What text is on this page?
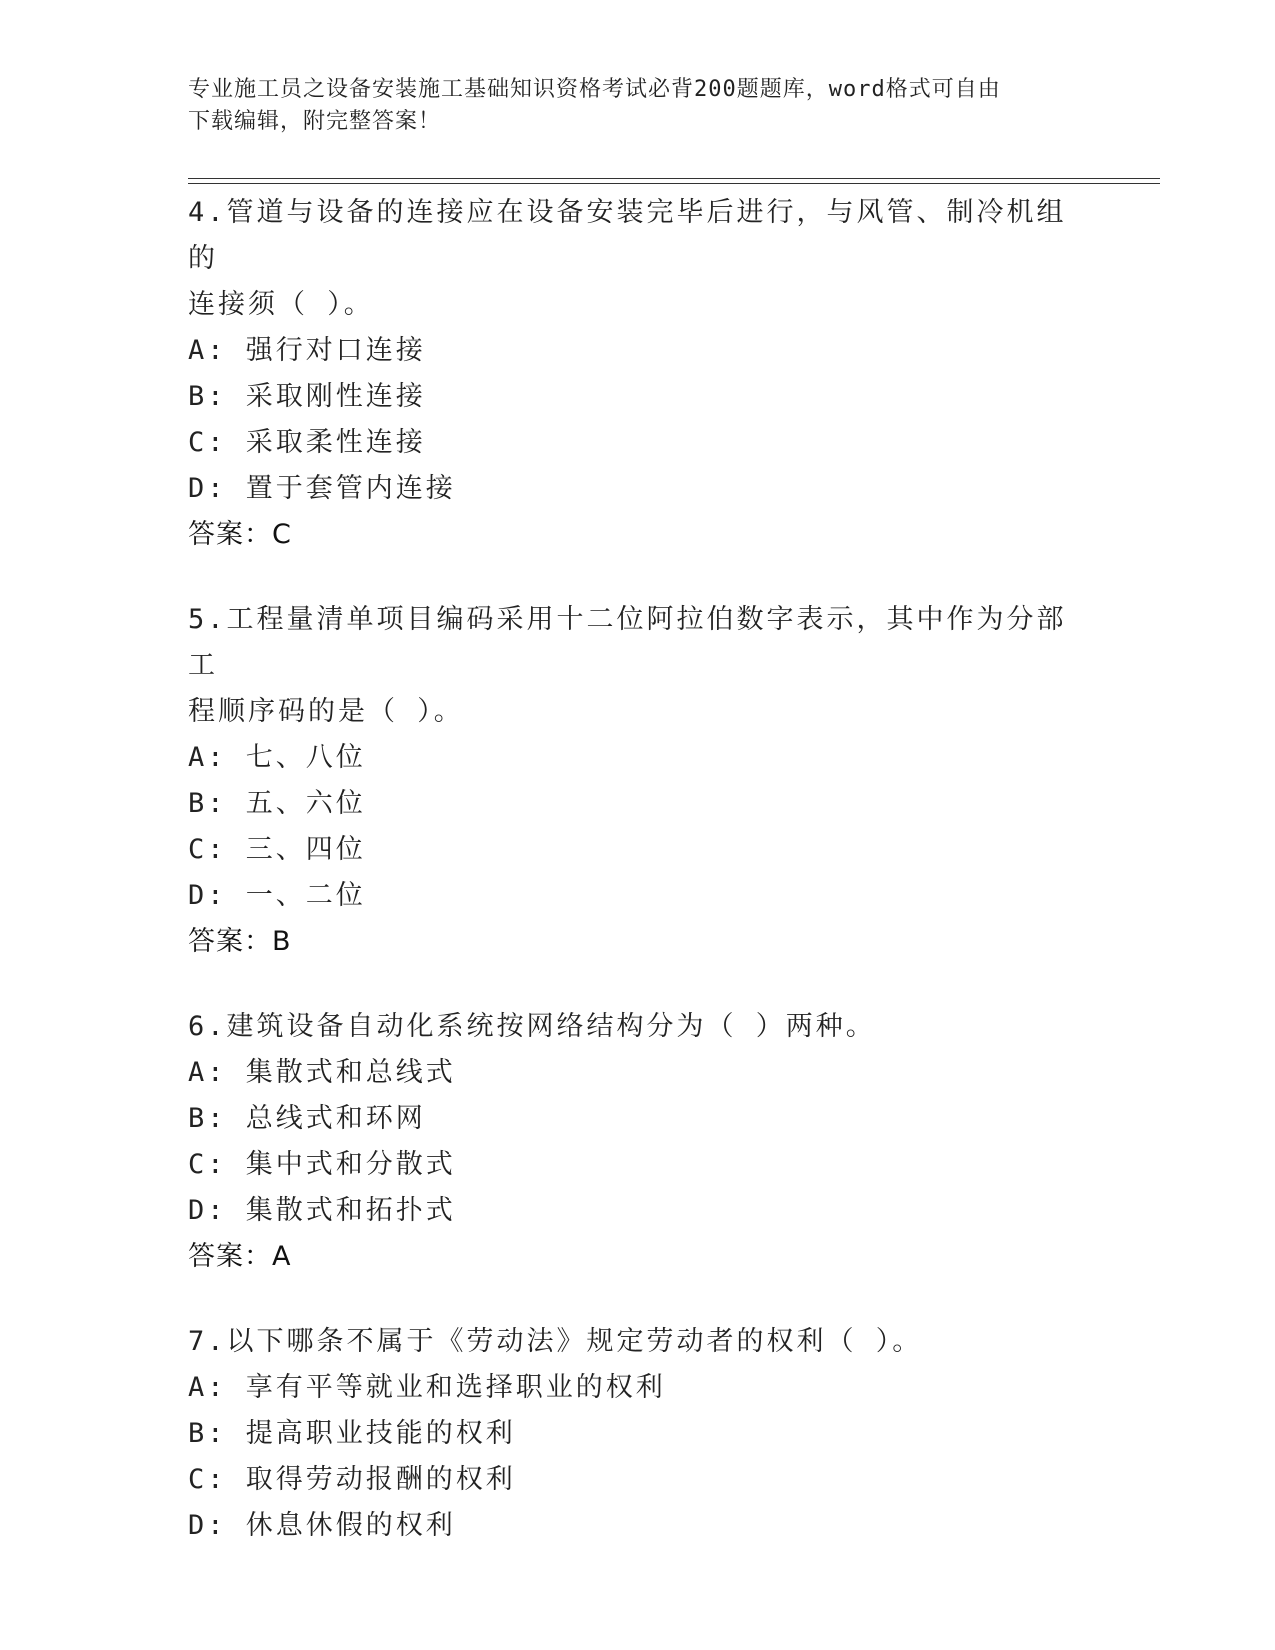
专业施工员之设备安装施工基础知识资格考试必背200题题库，word格式可自由
下载编辑，附完整答案！

4.管道与设备的连接应在设备安装完毕后进行，与风管、制冷机组的

连接须（ ）。

A: 强行对口连接

B: 采取刚性连接

C: 采取柔性连接

D: 置于套管内连接

答案：C

5.工程量清单项目编码采用十二位阿拉伯数字表示，其中作为分部工

程顺序码的是（ ）。

A: 七、八位

B: 五、六位

C: 三、四位

D: 一、二位

答案：B

6.建筑设备自动化系统按网络结构分为（ ）两种。

A: 集散式和总线式

B: 总线式和环网

C: 集中式和分散式

D: 集散式和拓扑式

答案：A

7.以下哪条不属于《劳动法》规定劳动者的权利（ ）。

A: 享有平等就业和选择职业的权利

B: 提高职业技能的权利

C: 取得劳动报酬的权利

D: 休息休假的权利
